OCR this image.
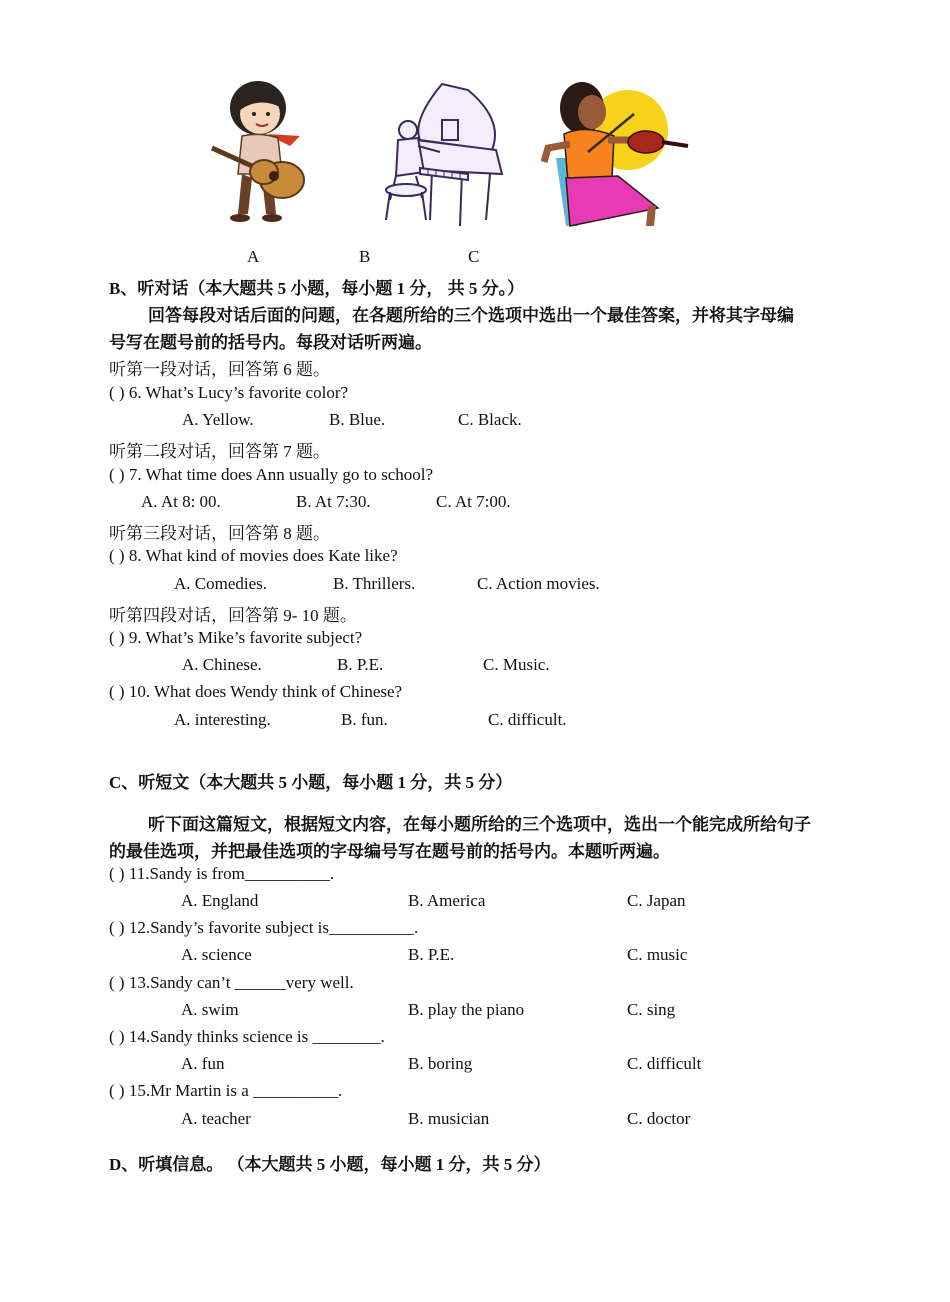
A	B	C
B、听对话（本大题共 5 小题，每小题 1 分， 共 5 分。）
回答每段对话后面的问题，在各题所给的三个选项中选出一个最佳答案，并将其字母编
号写在题号前的括号内。每段对话听两遍。
听第一段对话，回答第 6 题。
( ) 6. What’s Lucy’s favorite color?
A. Yellow.	B. Blue.	C. Black.
听第二段对话，回答第 7 题。
( ) 7. What time does Ann usually go to school?
A. At 8: 00.	B. At 7:30.	C. At 7:00.
听第三段对话，回答第 8 题。
( ) 8. What kind of movies does Kate like?
A. Comedies.	B. Thrillers.	C. Action movies.
听第四段对话，回答第 9- 10 题。
( ) 9. What’s Mike’s favorite subject?
A. Chinese.	B. P.E.	C. Music.
( ) 10. What does Wendy think of Chinese?
A. interesting.	B. fun.	C. difficult.
C、听短文（本大题共 5 小题，每小题 1 分，共 5 分）
听下面这篇短文，根据短文内容，在每小题所给的三个选项中，选出一个能完成所给句子
的最佳选项，并把最佳选项的字母编号写在题号前的括号内。本题听两遍。
( ) 11.Sandy is from__________.
A. England	B. America	C. Japan
( ) 12.Sandy’s favorite subject is__________.
A. science	B. P.E.	C. music
( ) 13.Sandy can’t ______very well.
A. swim	B. play the piano	C. sing
( ) 14.Sandy thinks science is ________.
A. fun	B. boring	C. difficult
( ) 15.Mr Martin is a __________.
A. teacher	B. musician	C. doctor
D、听填信息。 （本大题共 5 小题，每小题 1 分，共 5 分）
